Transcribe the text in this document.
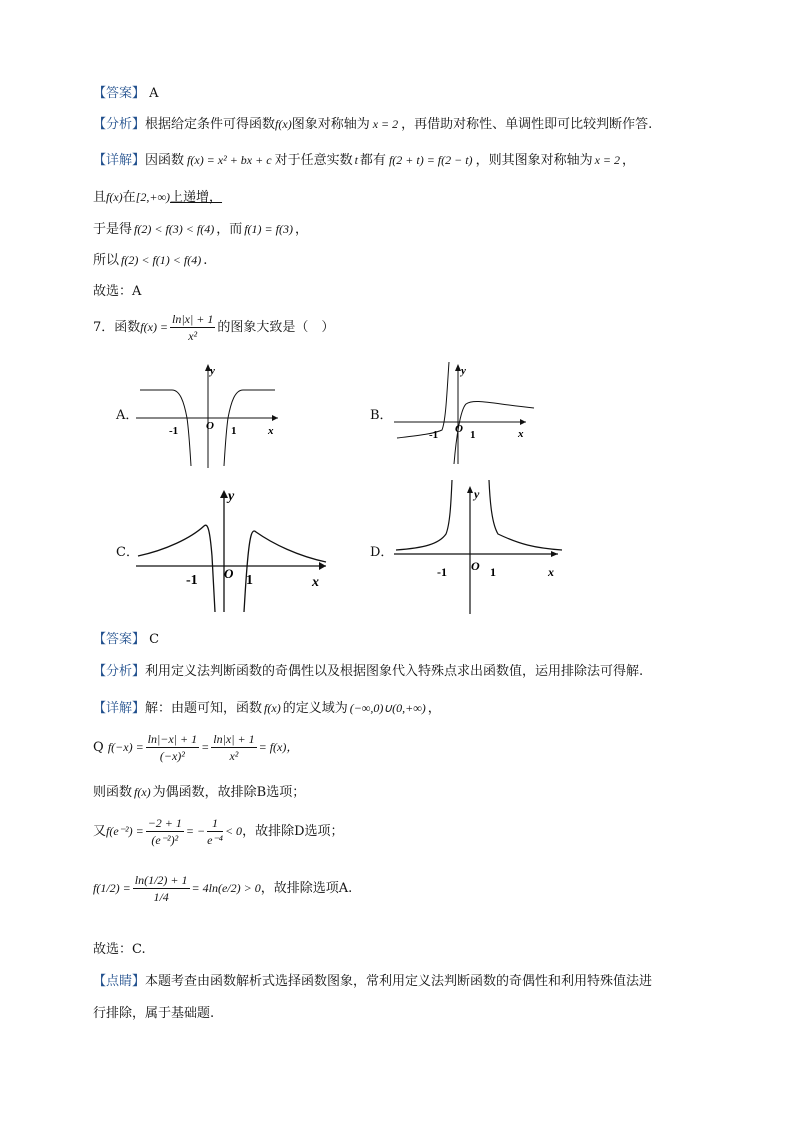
【答案】 A
【分析】根据给定条件可得函数f(x)图象对称轴为 x = 2 ，再借助对称性、单调性即可比较判断作答.
【详解】因函数 f(x) = x² + bx + c 对于任意实数 t 都有 f(2 + t) = f(2 − t) ，则其图象对称轴为 x = 2 ，
且f(x)在[2,+∞)上递增，
于是得 f(2) < f(3) < f(4) ，而 f(1) = f(3) ，
所以 f(2) < f(1) < f(4) .
故选：A
7．函数$f(x) = \frac{\ln|x| + 1}{\text{x²}}$ 的图象大致是（　）
A．
y
x
O
-1	1
B．
y
x
O
-1	1
C．
y
x
O
-1	1
D．
y
x
O
-1	1
【答案】 C
【分析】利用定义法判断函数的奇偶性以及根据图象代入特殊点求出函数值，运用排除法可得解.
【详解】解：由题可知，函数 f(x) 的定义域为 (−∞,0)∪(0,+∞) ，
Q $f(-x) = \frac{\ln|-x| + 1}{\text{(−x)²}} = \frac{\ln|x| + 1}{\text{x²}} = f(x)$，
则函数 f(x) 为偶函数，故排除B选项；
又$f(e^{-2}) = \frac{-2 + 1}{\text{(e⁻²)²}}$ = − $\frac{1}{\text{e⁻⁴}} < 0$，故排除D选项；
$f(1/2) = \frac{\ln(1/2) + 1}{1/4} = 4\ln(e/2) > 0$，故排除选项A.
故选：C.
【点睛】本题考查由函数解析式选择函数图象，常利用定义法判断函数的奇偶性和利用特殊值法进
行排除，属于基础题.
